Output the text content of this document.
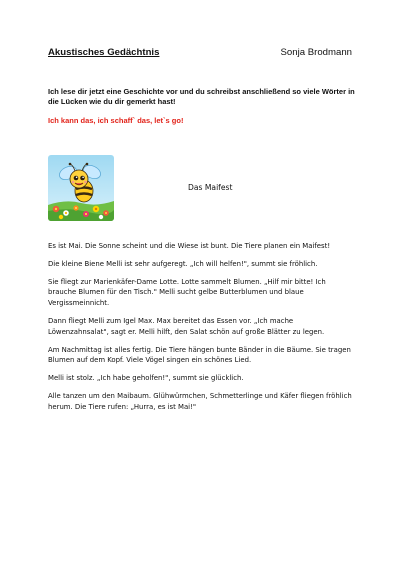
Akustisches Gedächtnis	Sonja Brodmann
Ich lese dir jetzt eine Geschichte vor und du schreibst anschließend so viele Wörter in die Lücken wie du dir gemerkt hast!
Ich kann das, ich schaff` das, let`s go!
Das Maifest

Es ist Mai. Die Sonne scheint und die Wiese ist bunt. Die Tiere planen ein Maifest!

Die kleine Biene Melli ist sehr aufgeregt. „Ich will helfen!", summt sie fröhlich.

Sie fliegt zur Marienkäfer-Dame Lotte. Lotte sammelt Blumen. „Hilf mir bitte! Ich brauche Blumen für den Tisch." Melli sucht gelbe Butterblumen und blaue Vergissmeinnicht.

Dann fliegt Melli zum Igel Max. Max bereitet das Essen vor. „Ich mache Löwenzahnsalat", sagt er. Melli hilft, den Salat schön auf große Blätter zu legen.

Am Nachmittag ist alles fertig. Die Tiere hängen bunte Bänder in die Bäume. Sie tragen Blumen auf dem Kopf. Viele Vögel singen ein schönes Lied.

Melli ist stolz. „Ich habe geholfen!", summt sie glücklich.

Alle tanzen um den Maibaum. Glühwürmchen, Schmetterlinge und Käfer fliegen fröhlich herum. Die Tiere rufen: „Hurra, es ist Mai!"
